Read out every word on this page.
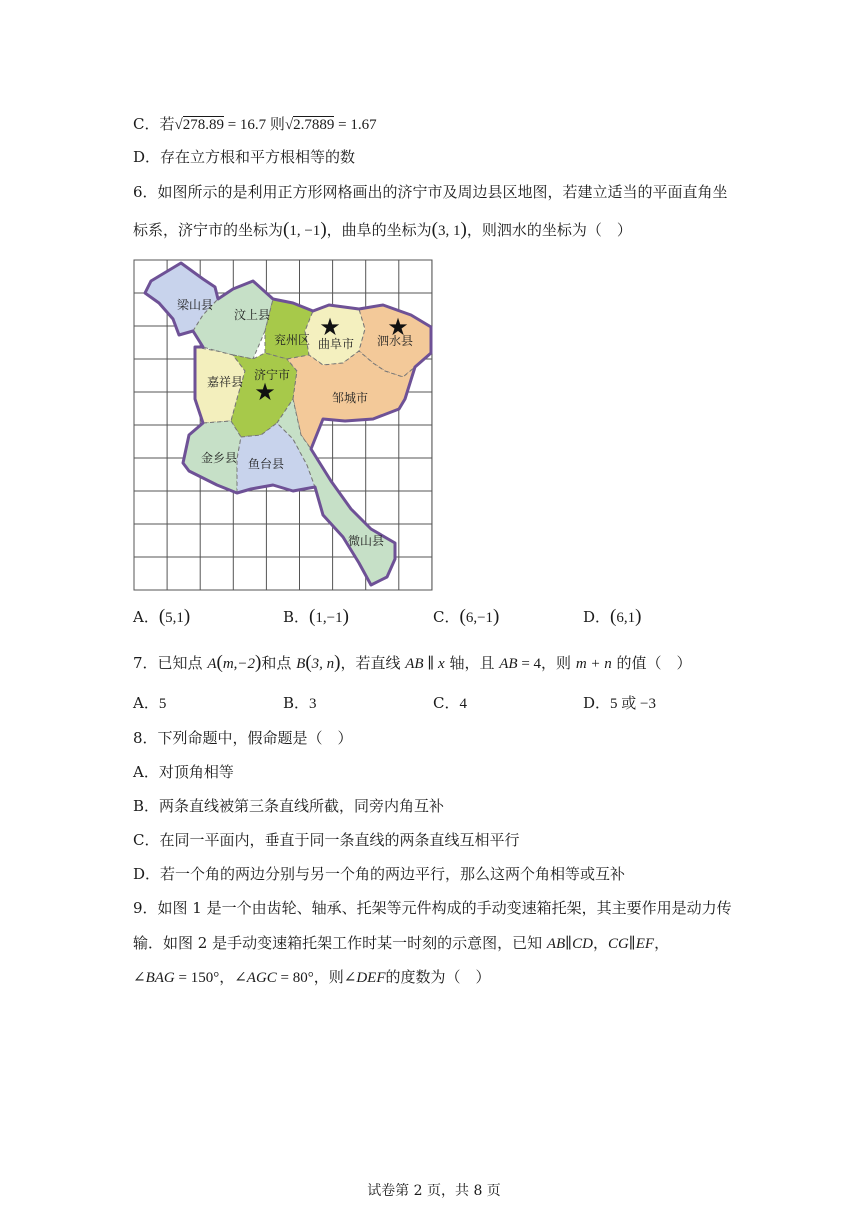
C．若√278.89 = 16.7 则√2.7889 = 1.67
D．存在立方根和平方根相等的数
6．如图所示的是利用正方形网格画出的济宁市及周边县区地图，若建立适当的平面直角坐
标系，济宁市的坐标为(1, −1)，曲阜的坐标为(3, 1)，则泗水的坐标为（　）
★ ★
★
梁山县
汶上县
兖州区 曲阜市 泗水县
嘉祥县 济宁市
邹城市
金乡县 鱼台县
微山县
A．(5,1)	B．(1,−1)	C．(6,−1)	D．(6,1)
7．已知点 A(m,−2)和点 B(3, n)，若直线 AB ∥ x 轴，且 AB = 4，则 m + n 的值（　）
A．5	B．3	C．4	D．5 或 −3
8．下列命题中，假命题是（　）
A．对顶角相等
B．两条直线被第三条直线所截，同旁内角互补
C．在同一平面内，垂直于同一条直线的两条直线互相平行
D．若一个角的两边分别与另一个角的两边平行，那么这两个角相等或互补
9．如图 1 是一个由齿轮、轴承、托架等元件构成的手动变速箱托架，其主要作用是动力传
输．如图 2 是手动变速箱托架工作时某一时刻的示意图，已知 AB∥CD，CG∥EF，
∠BAG = 150°，∠AGC = 80°，则∠DEF的度数为（　）
试卷第 2 页，共 8 页
